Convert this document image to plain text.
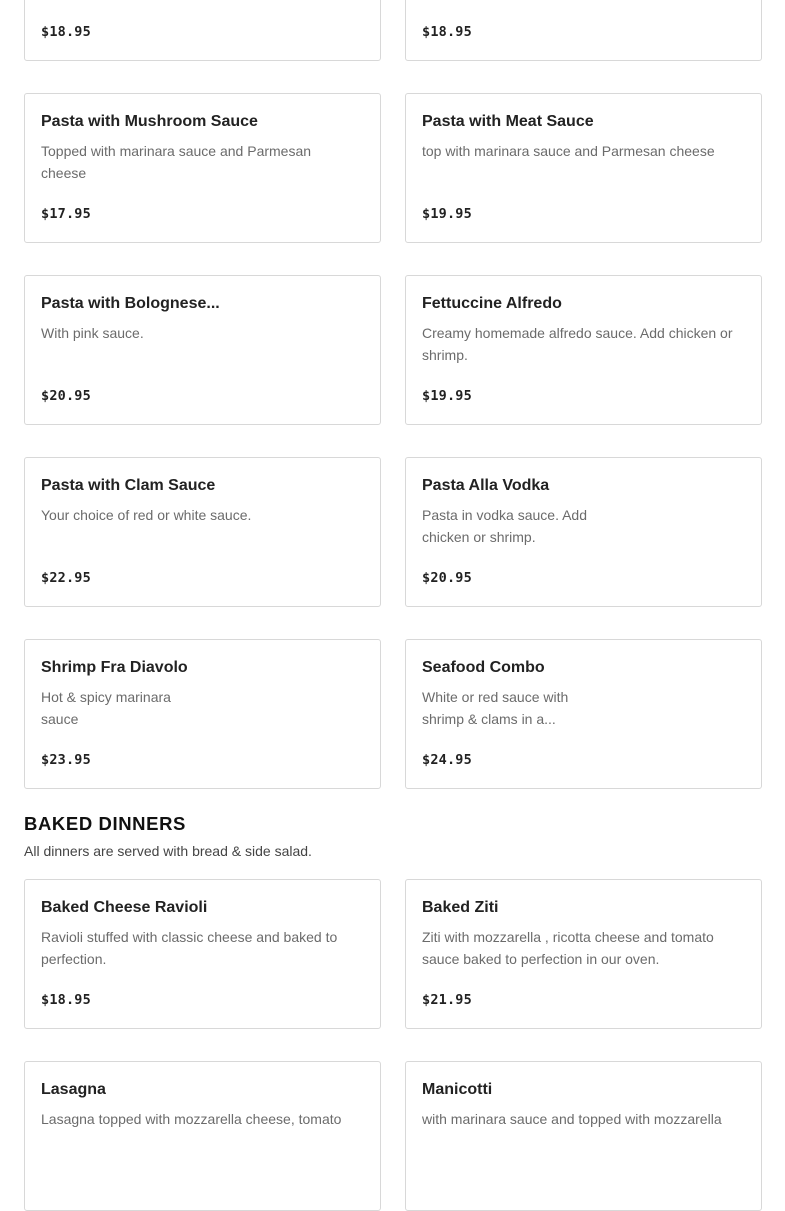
$18.95	$18.95
Pasta with Mushroom Sauce
Topped with marinara sauce and Parmesan cheese
$17.95
Pasta with Meat Sauce
top with marinara sauce and Parmesan cheese
$19.95
Pasta with Bolognese...
With pink sauce.
$20.95
Fettuccine Alfredo
Creamy homemade alfredo sauce. Add chicken or shrimp.
$19.95
Pasta with Clam Sauce
Your choice of red or white sauce.
$22.95
Pasta Alla Vodka
Pasta in vodka sauce. Add chicken or shrimp.
$20.95
Shrimp Fra Diavolo
Hot & spicy marinara sauce
$23.95
Seafood Combo
White or red sauce with shrimp & clams in a...
$24.95
BAKED DINNERS
All dinners are served with bread & side salad.
Baked Cheese Ravioli
Ravioli stuffed with classic cheese and baked to perfection.
$18.95
Baked Ziti
Ziti with mozzarella , ricotta cheese and tomato sauce baked to perfection in our oven.
$21.95
Lasagna
Lasagna topped with mozzarella cheese, tomato
Manicotti
with marinara sauce and topped with mozzarella
